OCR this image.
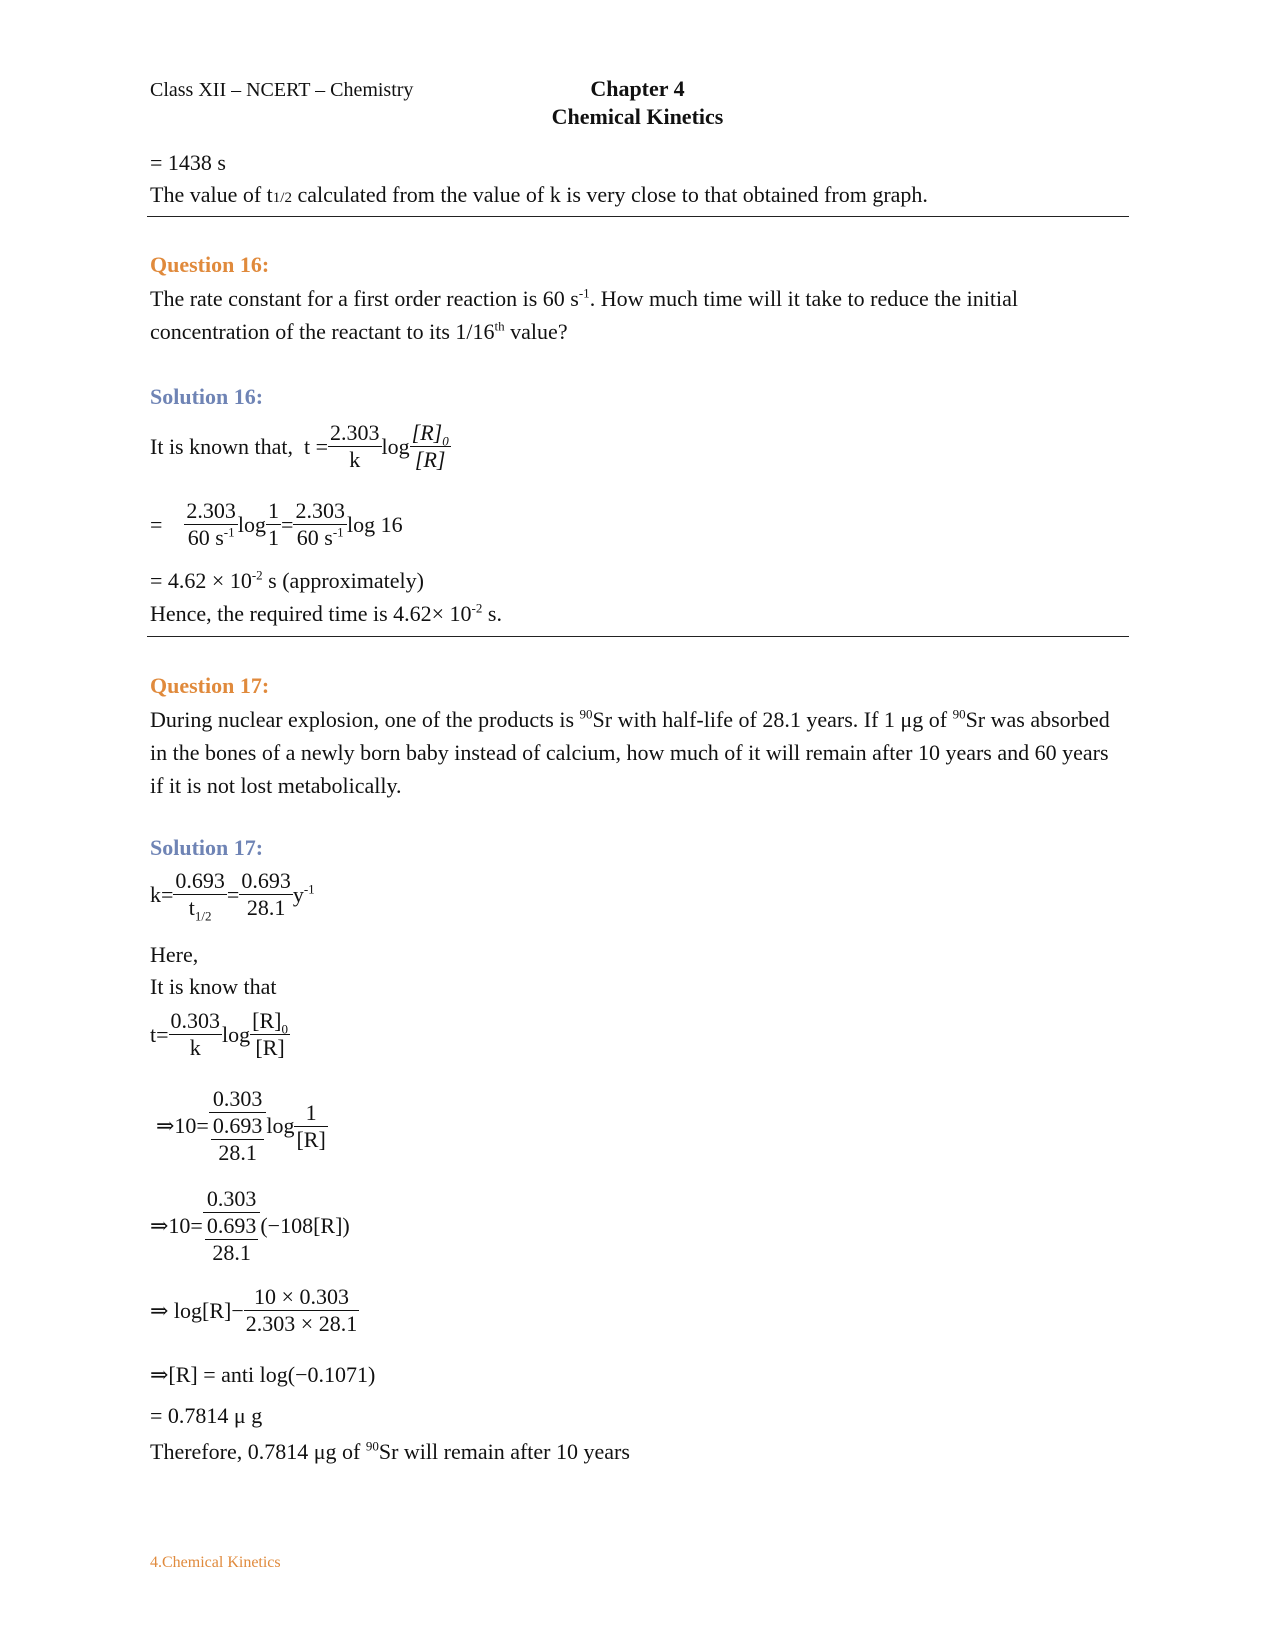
Class XII – NCERT – Chemistry	Chapter 4
Chemical Kinetics
= 1438 s
The value of t1/2 calculated from the value of k is very close to that obtained from graph.
Question 16:
The rate constant for a first order reaction is 60 $s^{-1}$. How much time will it take to reduce the initial concentration of the reactant to its 1/16th value?
Solution 16:
It is known that, $t = \frac{2.303}{k}$ $\log \frac{[R]_0}{[R]}$
= $\frac{2.303}{60 s^{-1}}$ $\log \frac{1}{1} = \frac{2.303}{60 s^{-1}}$ log 16
= $4.62 \times 10^{-2}$ s (approximately)
Hence, the required time is $4.62\times 10^{-2}$ s.
Question 17:
During nuclear explosion, one of the products is $^{90}$Sr with half-life of 28.1 years. If 1 μg of $^{90}$Sr was absorbed in the bones of a newly born baby instead of calcium, how much of it will remain after 10 years and 60 years if it is not lost metabolically.
Solution 17:
$k= \frac{0.693}{t_{1/2}} = \frac{0.693}{28.1} y^{-1}$
Here,
It is know that
$t= \frac{0.303}{k}$ $\log \frac{[R]_0}{[R]}$
⇒10= $\frac{0.303}{\frac{0.693}{28.1}}$ $\log \frac{1}{[R]}$
⇒10= $\frac{0.303}{\frac{0.693}{28.1}} (-108[R])$
⇒ $\log[R]- \frac{10 \times 0.303}{2.303 \times 28.1}$
⇒[R] = anti log(−0.1071)
= 0.7814 μ g
Therefore, 0.7814 μg of $^{90}$Sr will remain after 10 years
4.Chemical Kinetics
